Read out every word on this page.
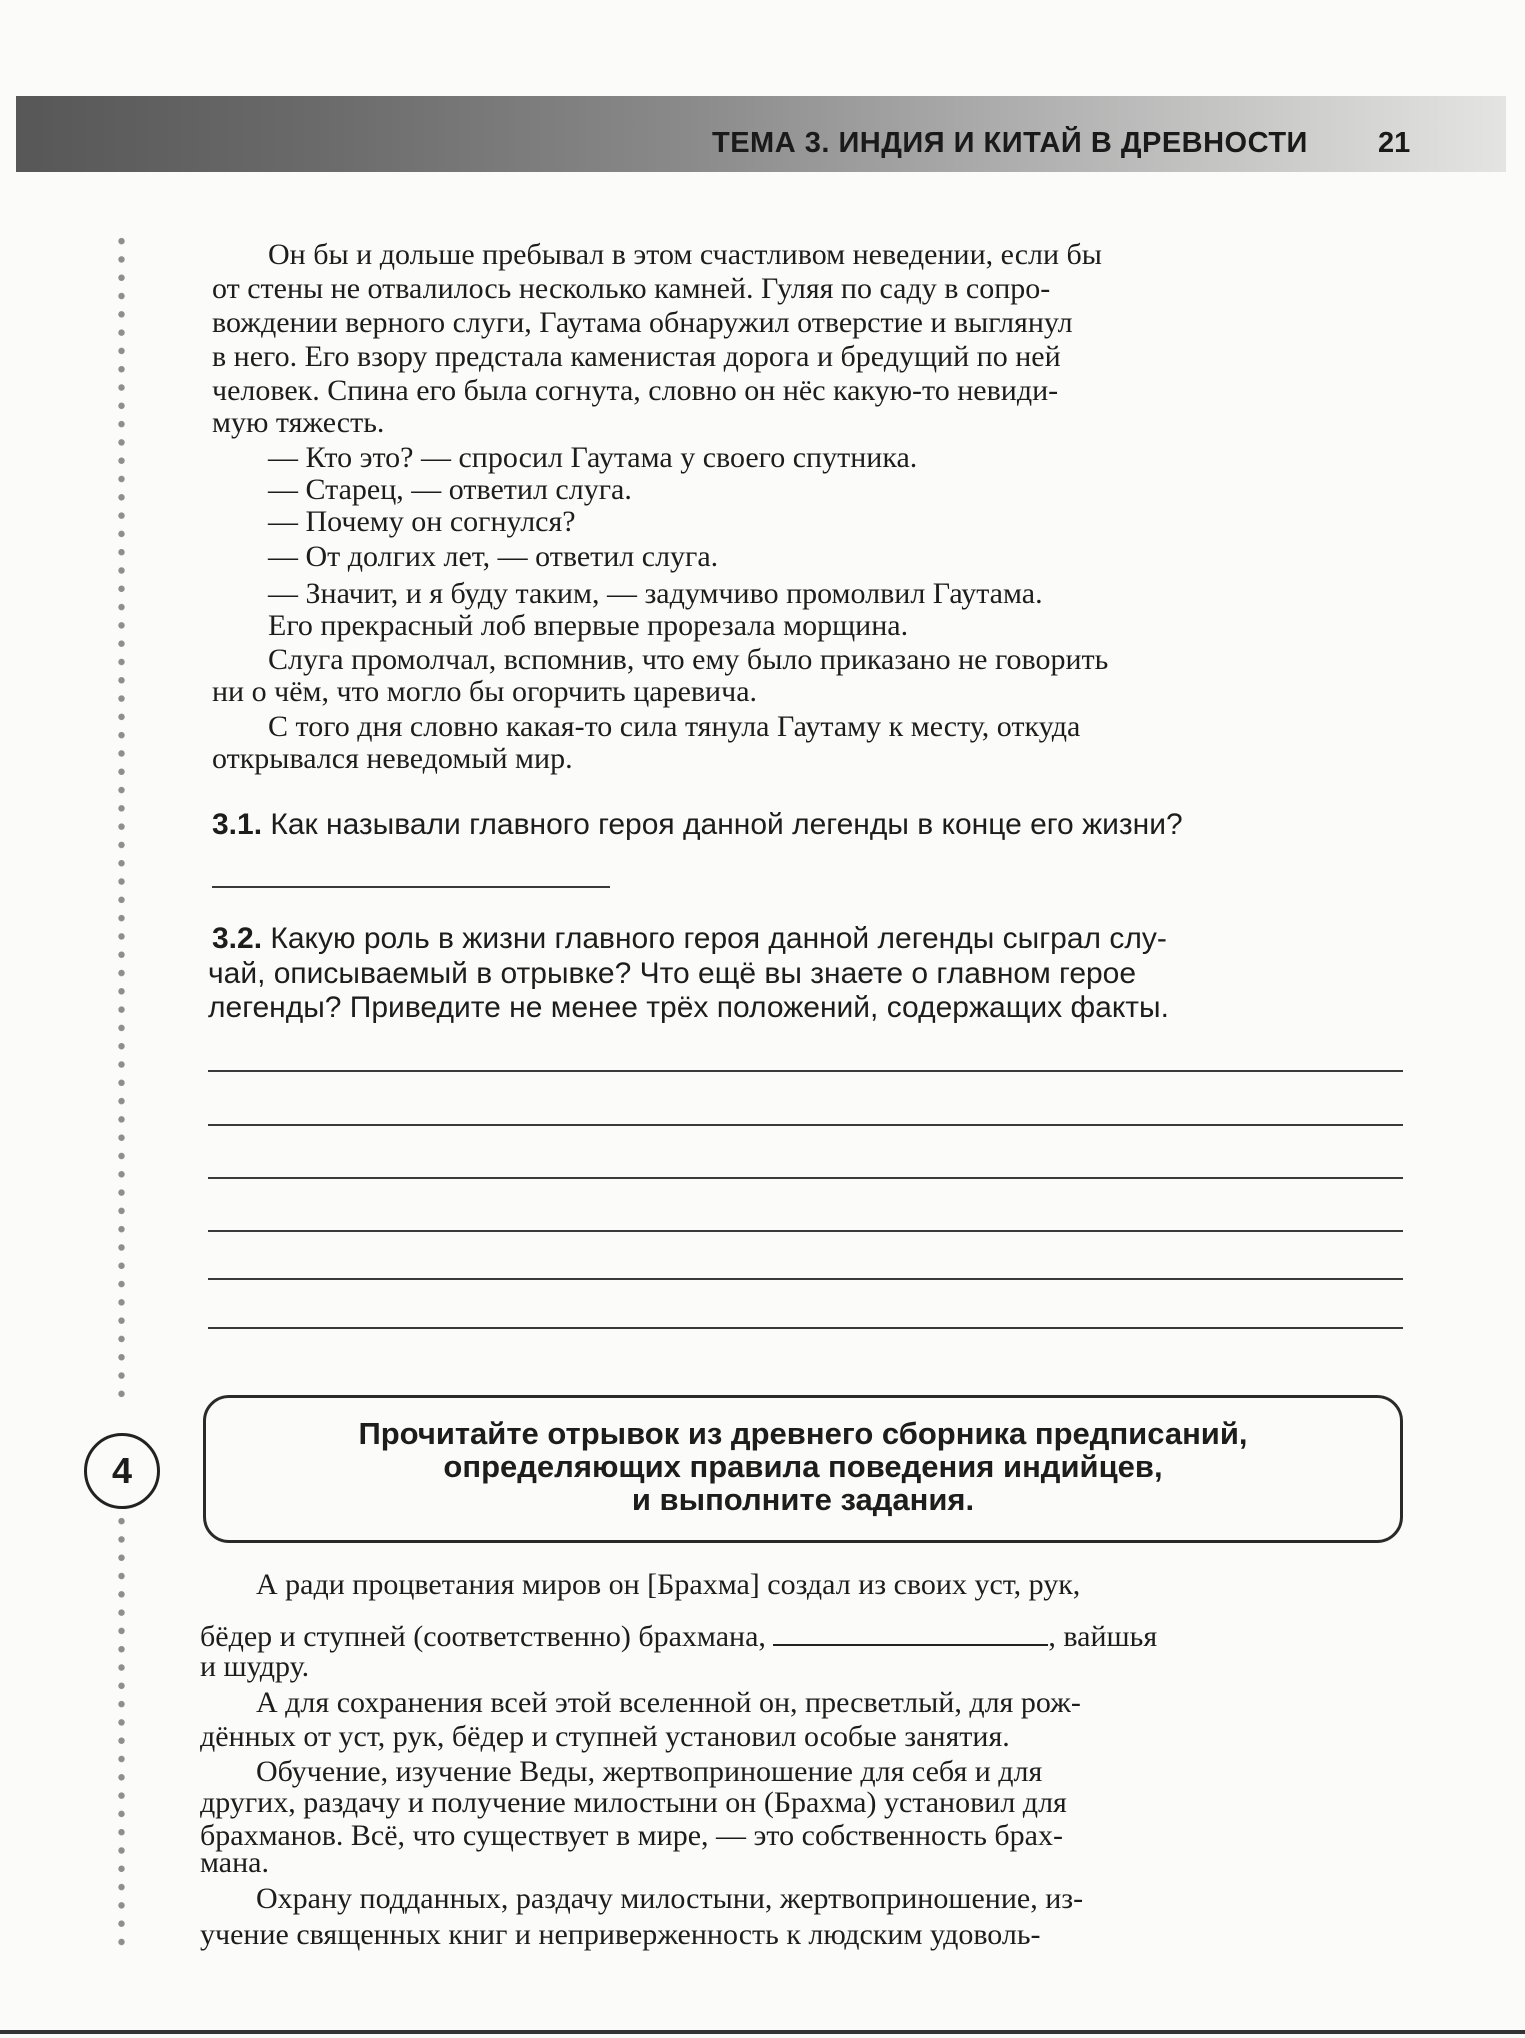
ТЕМА 3. ИНДИЯ И КИТАЙ В ДРЕВНОСТИ 21
Он бы и дольше пребывал в этом счастливом неведении, если бы
от стены не отвалилось несколько камней. Гуляя по саду в сопро-
вождении верного слуги, Гаутама обнаружил отверстие и выглянул
в него. Его взору предстала каменистая дорога и бредущий по ней
человек. Спина его была согнута, словно он нёс какую-то невиди-
мую тяжесть.
— Кто это? — спросил Гаутама у своего спутника.
— Старец, — ответил слуга.
— Почему он согнулся?
— От долгих лет, — ответил слуга.
— Значит, и я буду таким, — задумчиво промолвил Гаутама.
Его прекрасный лоб впервые прорезала морщина.
Слуга промолчал, вспомнив, что ему было приказано не говорить
ни о чём, что могло бы огорчить царевича.
С того дня словно какая-то сила тянула Гаутаму к месту, откуда
открывался неведомый мир.
3.1. Как называли главного героя данной легенды в конце его жизни?
3.2. Какую роль в жизни главного героя данной легенды сыграл слу-
чай, описываемый в отрывке? Что ещё вы знаете о главном герое
легенды? Приведите не менее трёх положений, содержащих факты.
4
Прочитайте отрывок из древнего сборника предписаний,
определяющих правила поведения индийцев,
и выполните задания.
А ради процветания миров он [Брахма] создал из своих уст, рук,
бёдер и ступней (соответственно) брахмана,	, вайшья
и шудру.
А для сохранения всей этой вселенной он, пресветлый, для рож-
дённых от уст, рук, бёдер и ступней установил особые занятия.
Обучение, изучение Веды, жертвоприношение для себя и для
других, раздачу и получение милостыни он (Брахма) установил для
брахманов. Всё, что существует в мире, — это собственность брах-
мана.
Охрану подданных, раздачу милостыни, жертвоприношение, из-
учение священных книг и неприверженность к людским удоволь-
